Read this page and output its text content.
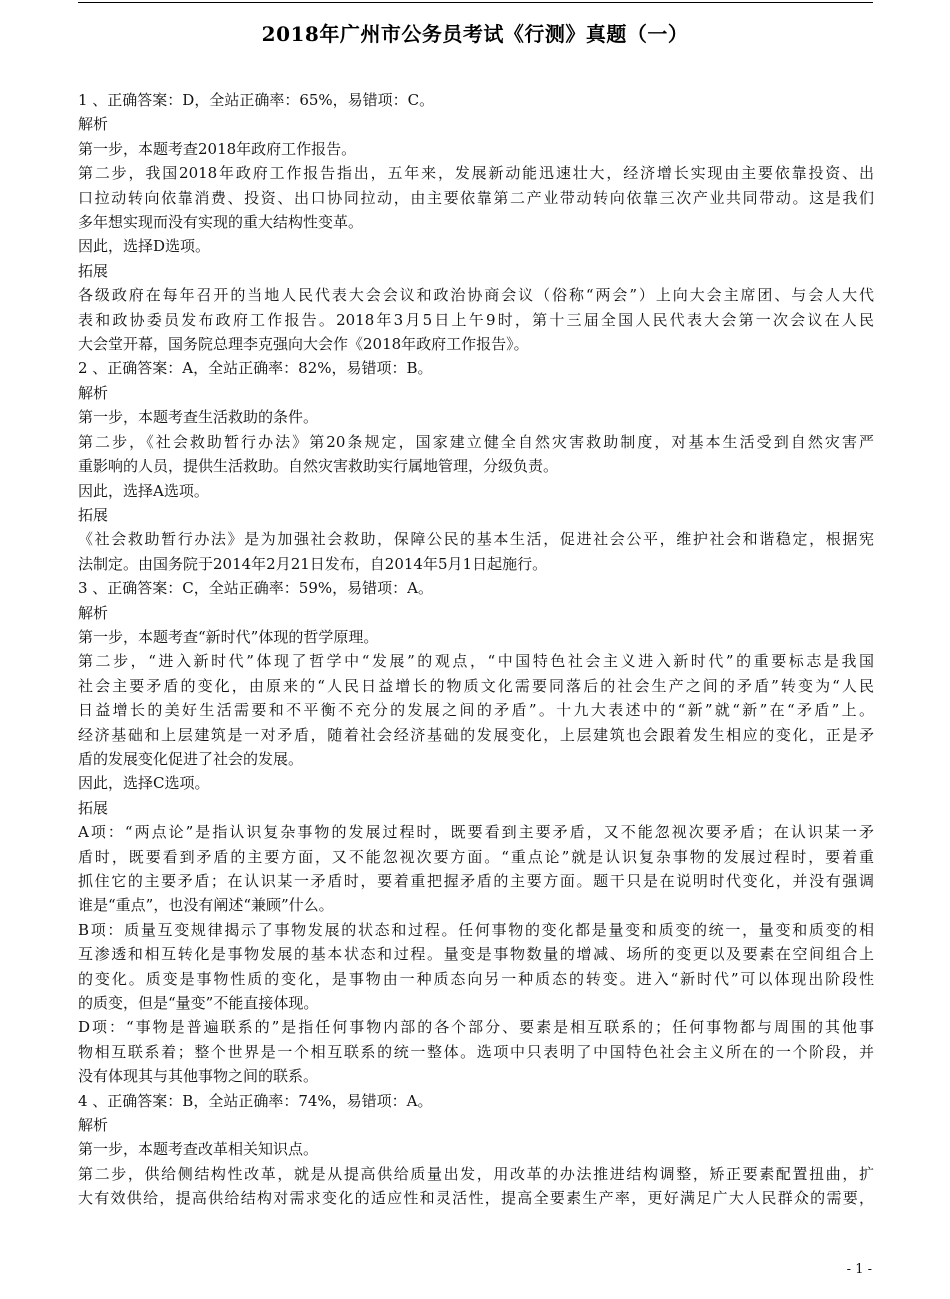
2018年广州市公务员考试《行测》真题（一）
1 、正确答案：D，全站正确率：65%，易错项：C。
解析
第一步，本题考查2018年政府工作报告。
第二步，我国2018年政府工作报告指出，五年来，发展新动能迅速壮大，经济增长实现由主要依靠投资、出
口拉动转向依靠消费、投资、出口协同拉动，由主要依靠第二产业带动转向依靠三次产业共同带动。这是我们
多年想实现而没有实现的重大结构性变革。
因此，选择D选项。
拓展
各级政府在每年召开的当地人民代表大会会议和政治协商会议（俗称“两会”）上向大会主席团、与会人大代
表和政协委员发布政府工作报告。2018年3月5日上午9时，第十三届全国人民代表大会第一次会议在人民
大会堂开幕，国务院总理李克强向大会作《2018年政府工作报告》。
2 、正确答案：A，全站正确率：82%，易错项：B。
解析
第一步，本题考查生活救助的条件。
第二步，《社会救助暂行办法》第20条规定，国家建立健全自然灾害救助制度，对基本生活受到自然灾害严
重影响的人员，提供生活救助。自然灾害救助实行属地管理，分级负责。
因此，选择A选项。
拓展
《社会救助暂行办法》是为加强社会救助，保障公民的基本生活，促进社会公平，维护社会和谐稳定，根据宪
法制定。由国务院于2014年2月21日发布，自2014年5月1日起施行。
3 、正确答案：C，全站正确率：59%，易错项：A。
解析
第一步，本题考查“新时代”体现的哲学原理。
第二步，“进入新时代”体现了哲学中“发展”的观点，“中国特色社会主义进入新时代”的重要标志是我国
社会主要矛盾的变化，由原来的“人民日益增长的物质文化需要同落后的社会生产之间的矛盾”转变为“人民
日益增长的美好生活需要和不平衡不充分的发展之间的矛盾”。十九大表述中的“新”就“新”在“矛盾”上。
经济基础和上层建筑是一对矛盾，随着社会经济基础的发展变化，上层建筑也会跟着发生相应的变化，正是矛
盾的发展变化促进了社会的发展。
因此，选择C选项。
拓展
A项：“两点论”是指认识复杂事物的发展过程时，既要看到主要矛盾，又不能忽视次要矛盾；在认识某一矛
盾时，既要看到矛盾的主要方面，又不能忽视次要方面。“重点论”就是认识复杂事物的发展过程时，要着重
抓住它的主要矛盾；在认识某一矛盾时，要着重把握矛盾的主要方面。题干只是在说明时代变化，并没有强调
谁是“重点”，也没有阐述“兼顾”什么。
B项：质量互变规律揭示了事物发展的状态和过程。任何事物的变化都是量变和质变的统一，量变和质变的相
互渗透和相互转化是事物发展的基本状态和过程。量变是事物数量的增减、场所的变更以及要素在空间组合上
的变化。质变是事物性质的变化，是事物由一种质态向另一种质态的转变。进入“新时代”可以体现出阶段性
的质变，但是“量变”不能直接体现。
D项：“事物是普遍联系的”是指任何事物内部的各个部分、要素是相互联系的；任何事物都与周围的其他事
物相互联系着；整个世界是一个相互联系的统一整体。选项中只表明了中国特色社会主义所在的一个阶段，并
没有体现其与其他事物之间的联系。
4 、正确答案：B，全站正确率：74%，易错项：A。
解析
第一步，本题考查改革相关知识点。
第二步，供给侧结构性改革，就是从提高供给质量出发，用改革的办法推进结构调整，矫正要素配置扭曲，扩
大有效供给，提高供给结构对需求变化的适应性和灵活性，提高全要素生产率，更好满足广大人民群众的需要，
- 1 -
